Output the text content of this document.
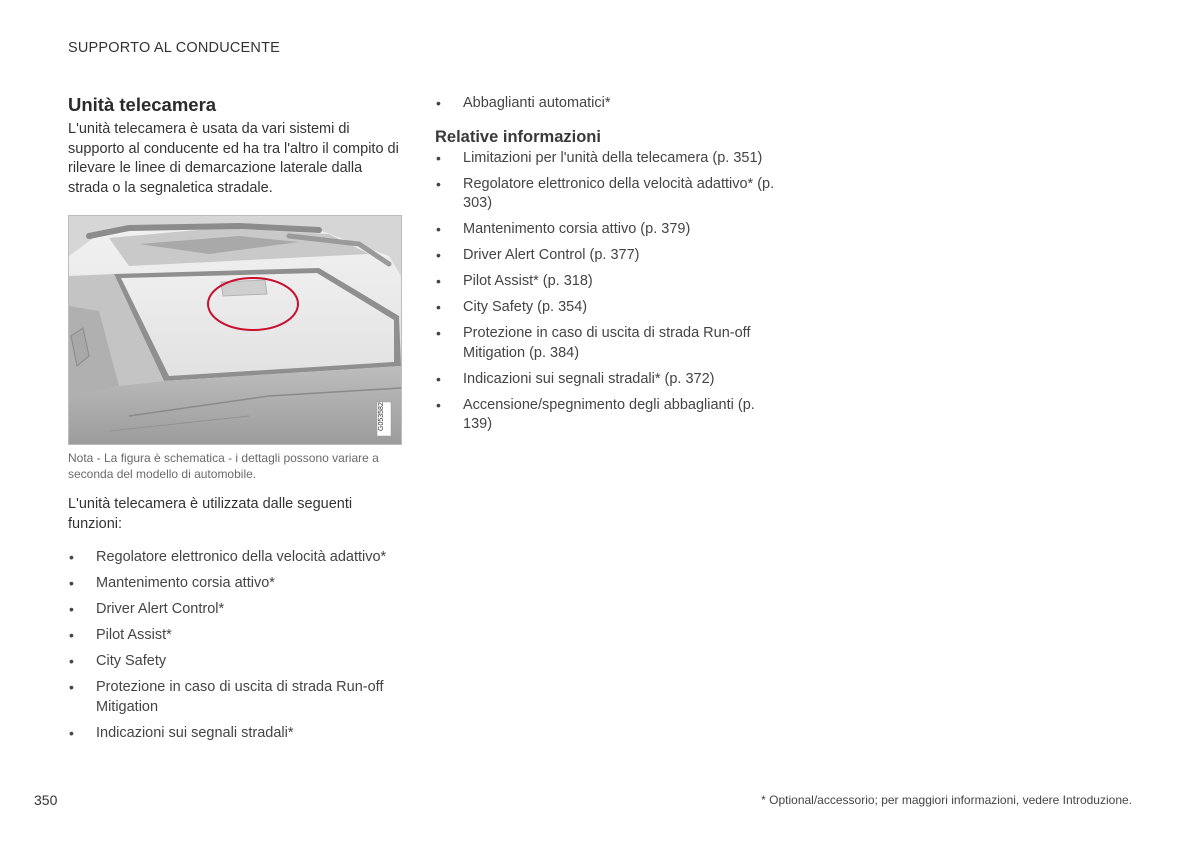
SUPPORTO AL CONDUCENTE
Unità telecamera

L'unità telecamera è usata da vari sistemi di supporto al conducente ed ha tra l'altro il compito di rilevare le linee di demarcazione laterale dalla strada o la segnaletica stradale.

G053582
Nota - La figura è schematica - i dettagli possono variare a seconda del modello di automobile.

L'unità telecamera è utilizzata dalle seguenti funzioni:

• Regolatore elettronico della velocità adattivo*
• Mantenimento corsia attivo*
• Driver Alert Control*
• Pilot Assist*
• City Safety
• Protezione in caso di uscita di strada Run-off Mitigation
• Indicazioni sui segnali stradali*
• Abbaglianti automatici*
Relative informazioni
• Limitazioni per l'unità della telecamera (p. 351)
• Regolatore elettronico della velocità adattivo* (p. 303)
• Mantenimento corsia attivo (p. 379)
• Driver Alert Control (p. 377)
• Pilot Assist* (p. 318)
• City Safety (p. 354)
• Protezione in caso di uscita di strada Run-off Mitigation (p. 384)
• Indicazioni sui segnali stradali* (p. 372)
• Accensione/spegnimento degli abbaglianti (p. 139)
350	* Optional/accessorio; per maggiori informazioni, vedere Introduzione.
